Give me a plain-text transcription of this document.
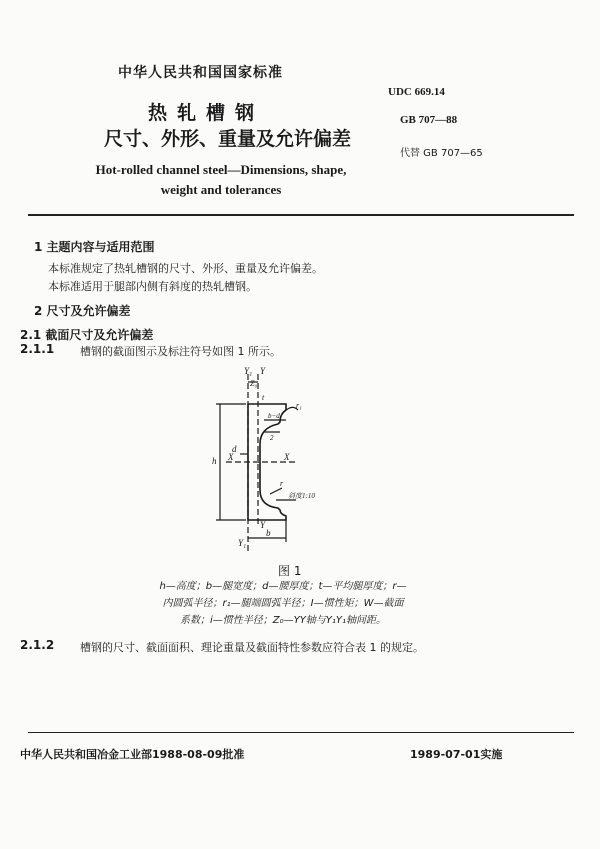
中华人民共和国国家标准
UDC 669.14
GB 707—88
代替 GB 707—65
热轧槽钢
尺寸、外形、重量及允许偏差
Hot-rolled channel steel—Dimensions, shape, weight and tolerances
1 主题内容与适用范围
本标准规定了热轧槽钢的尺寸、外形、重量及允许偏差。
本标准适用于腿部内侧有斜度的热轧槽钢。
2 尺寸及允许偏差
2.1 截面尺寸及允许偏差
2.1.1 槽钢的截面图示及标注符号如图 1 所示。
Y₁
Z₀
Y
t
r₁
b−d
2
d
h X	X
r
斜度1:10
Y
Y₁
b
图 1
h—高度；b—腿宽度；d—腰厚度；t—平均腿厚度；r—内圆弧半径；r₁—腿端圆弧半径；I—惯性矩；W—截面系数；i—惯性半径；Z₀—YY轴与Y₁Y₁轴间距。
2.1.2 槽钢的尺寸、截面面积、理论重量及截面特性参数应符合表 1 的规定。
中华人民共和国冶金工业部1988-08-09批准	1989-07-01实施
